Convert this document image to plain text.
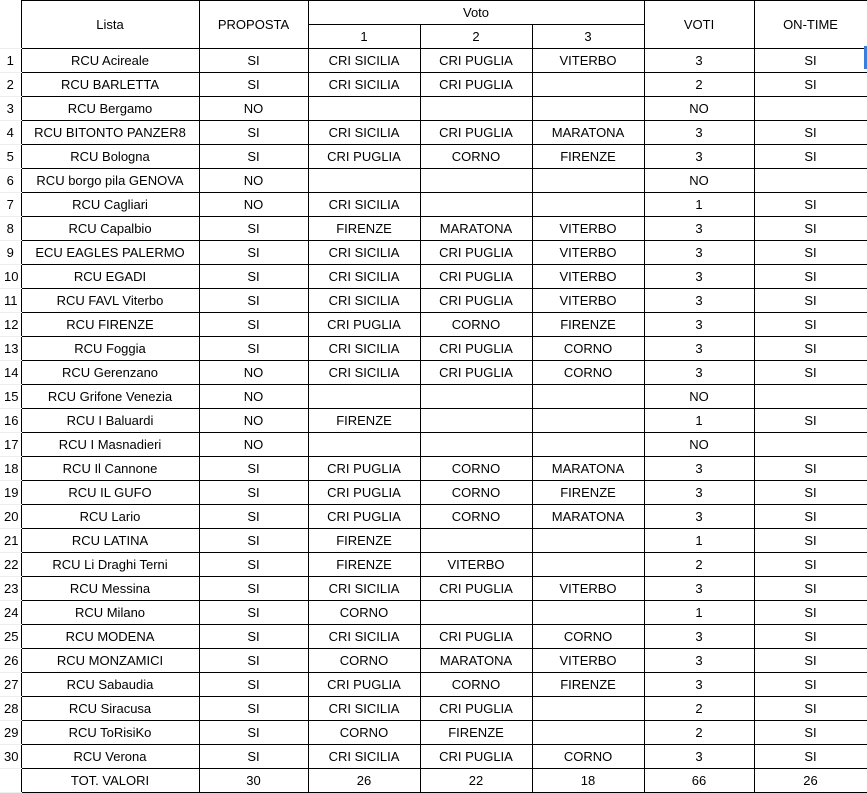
	Lista	PROPOSTA	Voto			VOTI	ON-TIME
			1	2	3		
1	RCU Acireale	SI	CRI SICILIA	CRI PUGLIA	VITERBO	3	SI
2	RCU BARLETTA	SI	CRI SICILIA	CRI PUGLIA		2	SI
3	RCU Bergamo	NO				NO	
4	RCU BITONTO PANZER8	SI	CRI SICILIA	CRI PUGLIA	MARATONA	3	SI
5	RCU Bologna	SI	CRI PUGLIA	CORNO	FIRENZE	3	SI
6	RCU borgo pila GENOVA	NO				NO	
7	RCU Cagliari	NO	CRI SICILIA			1	SI
8	RCU Capalbio	SI	FIRENZE	MARATONA	VITERBO	3	SI
9	ECU EAGLES PALERMO	SI	CRI SICILIA	CRI PUGLIA	VITERBO	3	SI
10	RCU EGADI	SI	CRI SICILIA	CRI PUGLIA	VITERBO	3	SI
11	RCU FAVL Viterbo	SI	CRI SICILIA	CRI PUGLIA	VITERBO	3	SI
12	RCU FIRENZE	SI	CRI PUGLIA	CORNO	FIRENZE	3	SI
13	RCU Foggia	SI	CRI SICILIA	CRI PUGLIA	CORNO	3	SI
14	RCU Gerenzano	NO	CRI SICILIA	CRI PUGLIA	CORNO	3	SI
15	RCU Grifone Venezia	NO				NO	
16	RCU I Baluardi	NO	FIRENZE			1	SI
17	RCU I Masnadieri	NO				NO	
18	RCU Il Cannone	SI	CRI PUGLIA	CORNO	MARATONA	3	SI
19	RCU IL GUFO	SI	CRI PUGLIA	CORNO	FIRENZE	3	SI
20	RCU Lario	SI	CRI PUGLIA	CORNO	MARATONA	3	SI
21	RCU LATINA	SI	FIRENZE			1	SI
22	RCU Li Draghi Terni	SI	FIRENZE	VITERBO		2	SI
23	RCU Messina	SI	CRI SICILIA	CRI PUGLIA	VITERBO	3	SI
24	RCU Milano	SI	CORNO			1	SI
25	RCU MODENA	SI	CRI SICILIA	CRI PUGLIA	CORNO	3	SI
26	RCU MONZAMICI	SI	CORNO	MARATONA	VITERBO	3	SI
27	RCU Sabaudia	SI	CRI PUGLIA	CORNO	FIRENZE	3	SI
28	RCU Siracusa	SI	CRI SICILIA	CRI PUGLIA		2	SI
29	RCU ToRisiKo	SI	CORNO	FIRENZE		2	SI
30	RCU Verona	SI	CRI SICILIA	CRI PUGLIA	CORNO	3	SI
	TOT. VALORI	30	26	22	18	66	26
